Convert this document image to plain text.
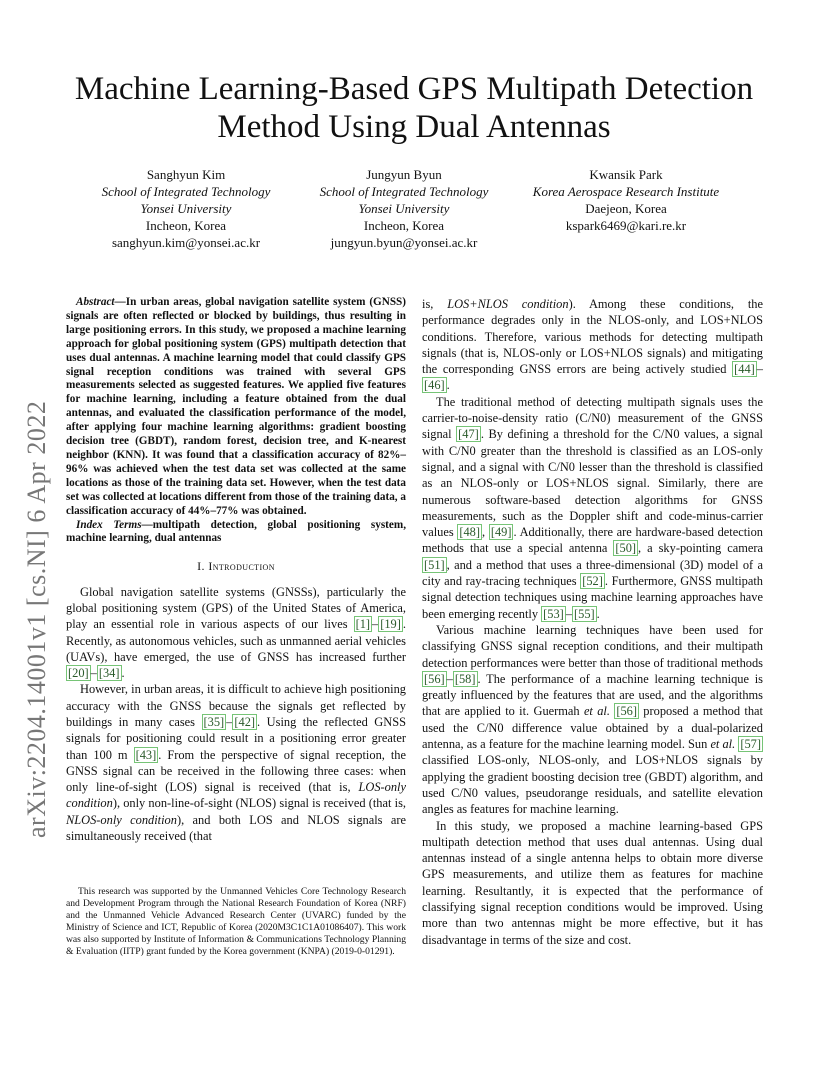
arXiv:2204.14001v1 [cs.NI] 6 Apr 2022
Machine Learning-Based GPS Multipath Detection
Method Using Dual Antennas
Sanghyun Kim
School of Integrated Technology
Yonsei University
Incheon, Korea
sanghyun.kim@yonsei.ac.kr
Jungyun Byun
School of Integrated Technology
Yonsei University
Incheon, Korea
jungyun.byun@yonsei.ac.kr
Kwansik Park
Korea Aerospace Research Institute
Daejeon, Korea
kspark6469@kari.re.kr

Abstract—In urban areas, global navigation satellite system (GNSS) signals are often reflected or blocked by buildings, thus resulting in large positioning errors. In this study, we proposed a machine learning approach for global positioning system (GPS) multipath detection that uses dual antennas. A machine learning model that could classify GPS signal reception conditions was trained with several GPS measurements selected as suggested features. We applied five features for machine learning, including a feature obtained from the dual antennas, and evaluated the classification performance of the model, after applying four machine learning algorithms: gradient boosting decision tree (GBDT), random forest, decision tree, and K-nearest neighbor (KNN). It was found that a classification accuracy of 82%–96% was achieved when the test data set was collected at the same locations as those of the training data set. However, when the test data set was collected at locations different from those of the training data, a classification accuracy of 44%–77% was obtained.

Index Terms—multipath detection, global positioning system, machine learning, dual antennas

I. Introduction

Global navigation satellite systems (GNSSs), particularly the global positioning system (GPS) of the United States of America, play an essential role in various aspects of our lives [1] – [19] . Recently, as autonomous vehicles, such as unmanned aerial vehicles (UAVs), have emerged, the use of GNSS has increased further [20] – [34] .

However, in urban areas, it is difficult to achieve high positioning accuracy with the GNSS because the signals get reflected by buildings in many cases [35] – [42] . Using the reflected GNSS signals for positioning could result in a positioning error greater than 100 m [43] . From the perspective of signal reception, the GNSS signal can be received in the following three cases: when only line-of-sight (LOS) signal is received (that is, LOS-only condition), only non-line-of-sight (NLOS) signal is received (that is, NLOS-only condition), and both LOS and NLOS signals are simultaneously received (that

This research was supported by the Unmanned Vehicles Core Technology Research and Development Program through the National Research Foundation of Korea (NRF) and the Unmanned Vehicle Advanced Research Center (UVARC) funded by the Ministry of Science and ICT, Republic of Korea (2020M3C1C1A01086407). This work was also supported by Institute of Information & Communications Technology Planning & Evaluation (IITP) grant funded by the Korea government (KNPA) (2019-0-01291).

is, LOS+NLOS condition). Among these conditions, the performance degrades only in the NLOS-only, and LOS+NLOS conditions. Therefore, various methods for detecting multipath signals (that is, NLOS-only or LOS+NLOS signals) and mitigating the corresponding GNSS errors are being actively studied [44] –[46] .

The traditional method of detecting multipath signals uses the carrier-to-noise-density ratio (C/N0) measurement of the GNSS signal [47] . By defining a threshold for the C/N0 values, a signal with C/N0 greater than the threshold is classified as an LOS-only signal, and a signal with C/N0 lesser than the threshold is classified as an NLOS-only or LOS+NLOS signal. Similarly, there are numerous software-based detection algorithms for GNSS measurements, such as the Doppler shift and code-minus-carrier values [48] , [49] . Additionally, there are hardware-based detection methods that use a special antenna [50] , a sky-pointing camera [51] , and a method that uses a three-dimensional (3D) model of a city and ray-tracing techniques [52] . Furthermore, GNSS multipath signal detection techniques using machine learning approaches have been emerging recently [53] – [55] .

Various machine learning techniques have been used for classifying GNSS signal reception conditions, and their multipath detection performances were better than those of traditional methods [56] – [58] . The performance of a machine learning technique is greatly influenced by the features that are used, and the algorithms that are applied to it. Guermah et al. [56] proposed a method that used the C/N0 difference value obtained by a dual-polarized antenna, as a feature for the machine learning model. Sun et al. [57] classified LOS-only, NLOS-only, and LOS+NLOS signals by applying the gradient boosting decision tree (GBDT) algorithm, and used C/N0 values, pseudorange residuals, and satellite elevation angles as features for machine learning.

In this study, we proposed a machine learning-based GPS multipath detection method that uses dual antennas. Using dual antennas instead of a single antenna helps to obtain more diverse GPS measurements, and utilize them as features for machine learning. Resultantly, it is expected that the performance of classifying signal reception conditions would be improved. Using more than two antennas might be more effective, but it has disadvantage in terms of the size and cost.
